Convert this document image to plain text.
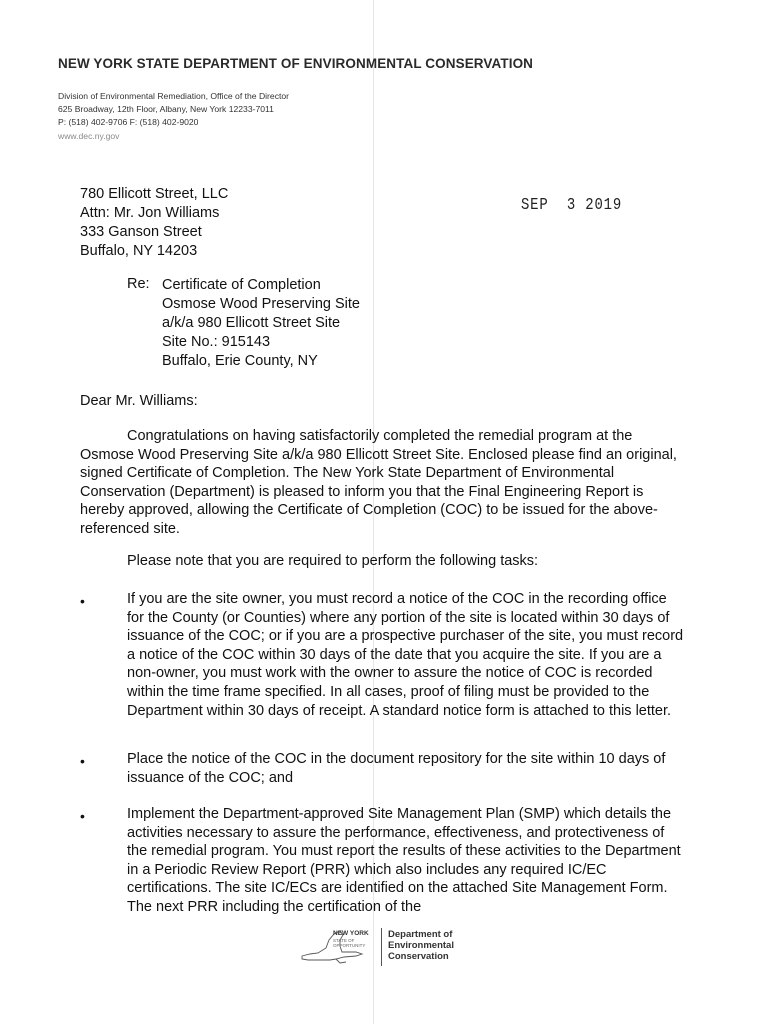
NEW YORK STATE DEPARTMENT OF ENVIRONMENTAL CONSERVATION
Division of Environmental Remediation, Office of the Director
625 Broadway, 12th Floor, Albany, New York 12233-7011
P: (518) 402-9706 F: (518) 402-9020
www.dec.ny.gov
780 Ellicott Street, LLC
Attn: Mr. Jon Williams
333 Ganson Street
Buffalo, NY 14203
SEP  3 2019
Re: Certificate of Completion
Osmose Wood Preserving Site
a/k/a 980 Ellicott Street Site
Site No.: 915143
Buffalo, Erie County, NY
Dear Mr. Williams:
Congratulations on having satisfactorily completed the remedial program at the Osmose Wood Preserving Site a/k/a 980 Ellicott Street Site. Enclosed please find an original, signed Certificate of Completion. The New York State Department of Environmental Conservation (Department) is pleased to inform you that the Final Engineering Report is hereby approved, allowing the Certificate of Completion (COC) to be issued for the above-referenced site.
Please note that you are required to perform the following tasks:
•	If you are the site owner, you must record a notice of the COC in the recording office for the County (or Counties) where any portion of the site is located within 30 days of issuance of the COC; or if you are a prospective purchaser of the site, you must record a notice of the COC within 30 days of the date that you acquire the site. If you are a non-owner, you must work with the owner to assure the notice of COC is recorded within the time frame specified. In all cases, proof of filing must be provided to the Department within 30 days of receipt. A standard notice form is attached to this letter.
•	Place the notice of the COC in the document repository for the site within 10 days of issuance of the COC; and
•	Implement the Department-approved Site Management Plan (SMP) which details the activities necessary to assure the performance, effectiveness, and protectiveness of the remedial program. You must report the results of these activities to the Department in a Periodic Review Report (PRR) which also includes any required IC/EC certifications. The site IC/ECs are identified on the attached Site Management Form. The next PRR including the certification of the
NEW YORK
STATE OF
OPPORTUNITY
Department of
Environmental
Conservation
